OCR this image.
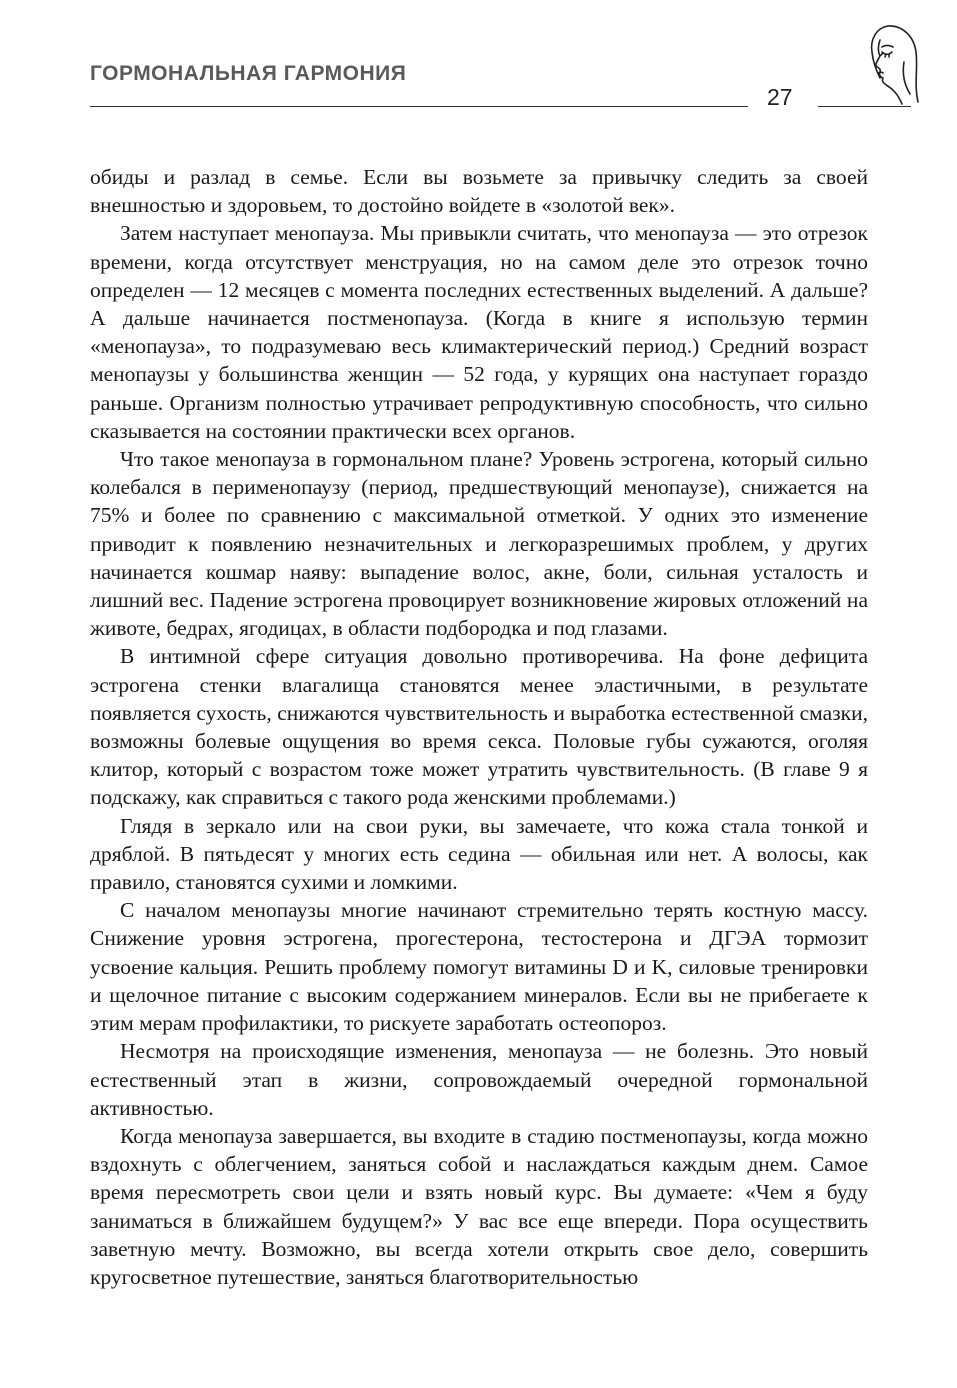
ГОРМОНАЛЬНАЯ ГАРМОНИЯ
27

обиды и разлад в семье. Если вы возьмете за привычку следить за своей внешностью и здоровьем, то достойно войдете в «золотой век».

Затем наступает менопауза. Мы привыкли считать, что менопауза — это отрезок времени, когда отсутствует менструация, но на самом деле это отрезок точно определен — 12 месяцев с момента последних естественных выделений. А дальше? А дальше начинается постменопауза. (Когда в книге я использую термин «менопауза», то подразумеваю весь климактерический период.) Средний возраст менопаузы у большинства женщин — 52 года, у курящих она наступает гораздо раньше. Организм полностью утрачивает репродуктивную способность, что сильно сказывается на состоянии практически всех органов.

Что такое менопауза в гормональном плане? Уровень эстрогена, который сильно колебался в перименопаузу (период, предшествующий менопаузе), снижается на 75% и более по сравнению с максимальной отметкой. У одних это изменение приводит к появлению незначительных и легкоразрешимых проблем, у других начинается кошмар наяву: выпадение волос, акне, боли, сильная усталость и лишний вес. Падение эстрогена провоцирует возникновение жировых отложений на животе, бедрах, ягодицах, в области подбородка и под глазами.

В интимной сфере ситуация довольно противоречива. На фоне дефицита эстрогена стенки влагалища становятся менее эластичными, в результате появляется сухость, снижаются чувствительность и выработка естественной смазки, возможны болевые ощущения во время секса. Половые губы сужаются, оголяя клитор, который с возрастом тоже может утратить чувствительность. (В главе 9 я подскажу, как справиться с такого рода женскими проблемами.)

Глядя в зеркало или на свои руки, вы замечаете, что кожа стала тонкой и дряблой. В пятьдесят у многих есть седина — обильная или нет. А волосы, как правило, становятся сухими и ломкими.

С началом менопаузы многие начинают стремительно терять костную массу. Снижение уровня эстрогена, прогестерона, тестостерона и ДГЭА тормозит усвоение кальция. Решить проблему помогут витамины D и K, силовые тренировки и щелочное питание с высоким содержанием минералов. Если вы не прибегаете к этим мерам профилактики, то рискуете заработать остеопороз.

Несмотря на происходящие изменения, менопауза — не болезнь. Это новый естественный этап в жизни, сопровождаемый очередной гормональной активностью.

Когда менопауза завершается, вы входите в стадию постменопаузы, когда можно вздохнуть с облегчением, заняться собой и наслаждаться каждым днем. Самое время пересмотреть свои цели и взять новый курс. Вы думаете: «Чем я буду заниматься в ближайшем будущем?» У вас все еще впереди. Пора осуществить заветную мечту. Возможно, вы всегда хотели открыть свое дело, совершить кругосветное путешествие, заняться благотворительностью
